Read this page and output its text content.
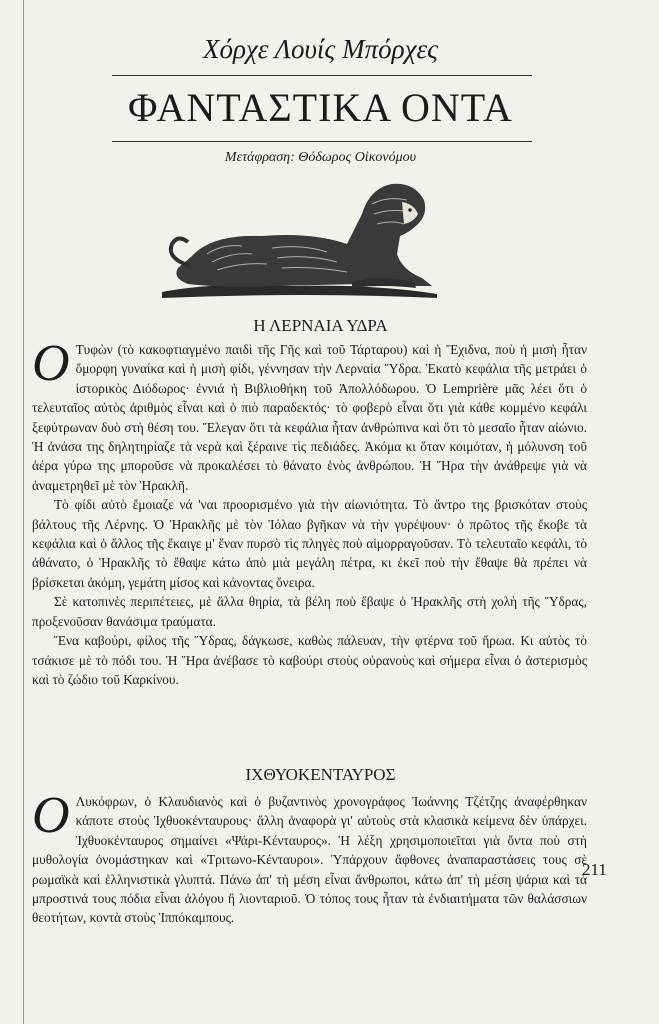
Χόρχε Λουίς Μπόρχες
ΦΑΝΤΑΣΤΙΚΑ ΟΝΤΑ
Μετάφραση: Θόδωρος Οἰκονόμου
Η ΛΕΡΝΑΙΑ ΥΔΡΑ

Ο Τυφὼν (τὸ κακοφτιαγμένο παιδὶ τῆς Γῆς καὶ τοῦ Τάρταρου) καὶ ἡ Ἔχιδνα, ποὺ ἡ μισὴ ἦταν ὄμορφη γυναίκα καὶ ἡ μισὴ φίδι, γέννησαν τὴν Λερναία Ὕδρα. Ἑκατὸ κεφάλια τῆς μετράει ὁ ἱστορικὸς Διόδωρος· ἐννιά ἡ Βιβλιοθήκη τοῦ Ἀπολλόδωρου. Ὁ Lemprière μᾶς λέει ὅτι ὁ τελευταῖος αὐτὸς ἀριθμὸς εἶναι καὶ ὁ πιὸ παραδεκτός· τὸ φοβερὸ εἶναι ὅτι γιὰ κάθε κομμένο κεφάλι ξεφύτρωναν δυὸ στὴ θέση του. Ἔλεγαν ὅτι τὰ κεφάλια ἦταν ἀνθρώπινα καὶ ὅτι τὸ μεσαῖο ἦταν αἰώνιο. Ἡ ἀνάσα της δηλητηρίαζε τὰ νερὰ καὶ ξέραινε τὶς πεδιάδες. Ἀκόμα κι ὅταν κοιμόταν, ἡ μόλυνση τοῦ ἀέρα γύρω της μποροῦσε νὰ προκαλέσει τὸ θάνατο ἑνὸς ἀνθρώπου. Ἡ Ἥρα τὴν ἀνάθρεψε γιὰ νὰ ἀναμετρηθεῖ μὲ τὸν Ἡρακλῆ.

Τὸ φίδι αὐτὸ ἔμοιαζε νά 'ναι προορισμένο γιὰ τὴν αἰωνιότητα. Τὸ ἄντρο της βρισκόταν στοὺς βάλτους τῆς Λέρνης. Ὁ Ἡρακλῆς μὲ τὸν Ἰόλαο βγῆκαν νὰ τὴν γυρέψουν· ὁ πρῶτος τῆς ἔκοβε τὰ κεφάλια καὶ ὁ ἄλλος τῆς ἔκαιγε μ' ἕναν πυρσὸ τὶς πληγὲς ποὺ αἱμορραγοῦσαν. Τὸ τελευταῖο κεφάλι, τὸ ἀθάνατο, ὁ Ἡρακλῆς τὸ ἔθαψε κάτω ἀπὸ μιὰ μεγάλη πέτρα, κι ἐκεῖ ποὺ τὴν ἔθαψε θὰ πρέπει νὰ βρίσκεται ἀκόμη, γεμάτη μίσος καὶ κάνοντας ὄνειρα.

Σὲ κατοπινὲς περιπέτειες, μὲ ἄλλα θηρία, τὰ βέλη ποὺ ἔβαψε ὁ Ἡρακλῆς στὴ χολὴ τῆς Ὕδρας, προξενοῦσαν θανάσιμα τραύματα.

Ἕνα καβούρι, φίλος τῆς Ὕδρας, δάγκωσε, καθὼς πάλευαν, τὴν φτέρνα τοῦ ἥρωα. Κι αὐτὸς τὸ τσάκισε μὲ τὸ πόδι του. Ἡ Ἥρα ἀνέβασε τὸ καβούρι στοὺς οὐρανοὺς καὶ σήμερα εἶναι ὁ ἀστερισμὸς καὶ τὸ ζώδιο τοῦ Καρκίνου.

ΙΧΘΥΟΚΕΝΤΑΥΡΟΣ

Ο Λυκόφρων, ὁ Κλαυδιανὸς καὶ ὁ βυζαντινὸς χρονογράφος Ἰωάννης Τζέτζης ἀναφέρθηκαν κάποτε στοὺς Ἰχθυοκένταυρους· ἄλλη ἀναφορὰ γι' αὐτοὺς στὰ κλασικὰ κείμενα δὲν ὑπάρχει. Ἰχθυοκένταυρος σημαίνει «Ψάρι-Κένταυρος». Ἡ λέξη χρησιμοποιεῖται γιὰ ὄντα ποὺ στὴ μυθολογία ὀνομάστηκαν καὶ «Τριτωνο-Κένταυροι». Ὑπάρχουν ἄφθονες ἀναπαραστάσεις τους σὲ ρωμαϊκὰ καὶ ἑλληνιστικὰ γλυπτά. Πάνω ἀπ' τὴ μέση εἶναι ἄνθρωποι, κάτω ἀπ' τὴ μέση ψάρια καὶ τὰ μπροστινά τους πόδια εἶναι ἀλόγου ἢ λιονταριοῦ. Ὁ τόπος τους ἦταν τὰ ἐνδιαιτήματα τῶν θαλάσσιων θεοτήτων, κοντὰ στοὺς Ἱππόκαμπους.

211
